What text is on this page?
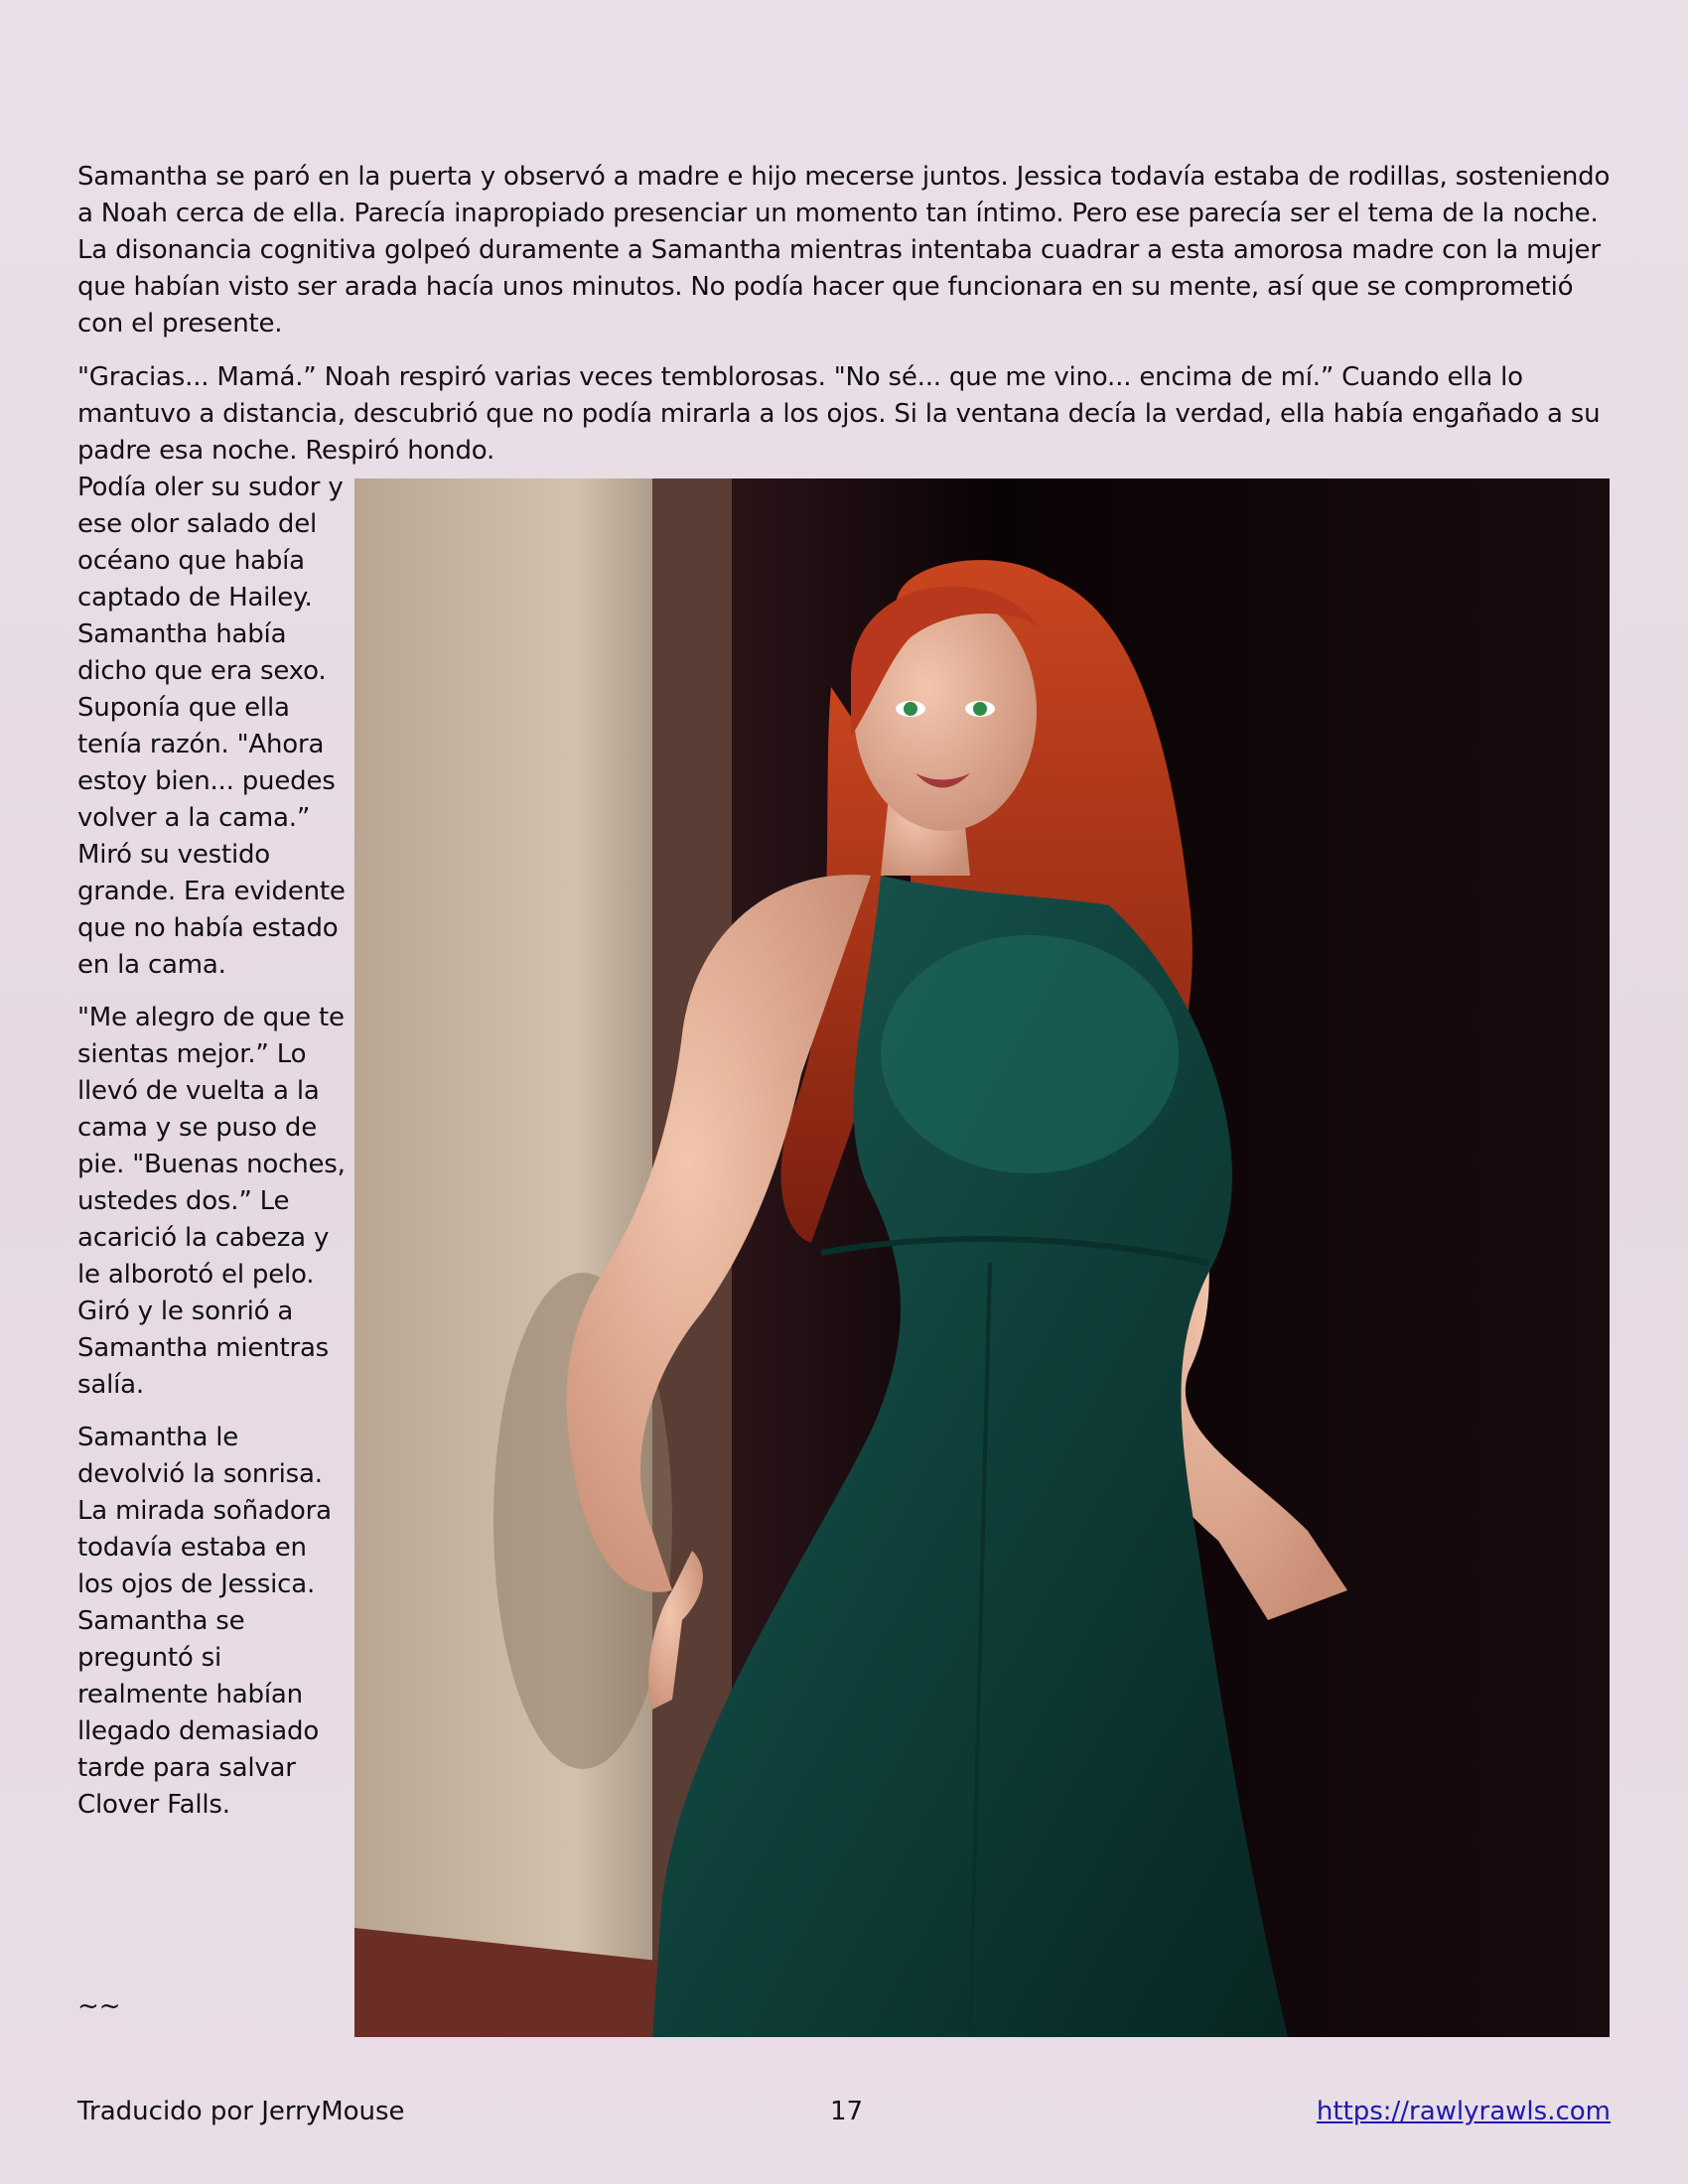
Samantha se paró en la puerta y observó a madre e hijo mecerse juntos. Jessica todavía estaba de rodillas, sosteniendo a Noah cerca de ella. Parecía inapropiado presenciar un momento tan íntimo. Pero ese parecía ser el tema de la noche. La disonancia cognitiva golpeó duramente a Samantha mientras intentaba cuadrar a esta amorosa madre con la mujer que habían visto ser arada hacía unos minutos. No podía hacer que funcionara en su mente, así que se comprometió con el presente.

"Gracias... Mamá.” Noah respiró varias veces temblorosas. "No sé... que me vino... encima de mí.” Cuando ella lo mantuvo a distancia, descubrió que no podía mirarla a los ojos. Si la ventana decía la verdad, ella había engañado a su padre esa noche. Respiró hondo.

Podía oler su sudor y ese olor salado del océano que había captado de Hailey. Samantha había dicho que era sexo. Suponía que ella tenía razón. "Ahora estoy bien... puedes volver a la cama.” Miró su vestido grande. Era evidente que no había estado en la cama.

"Me alegro de que te sientas mejor.” Lo llevó de vuelta a la cama y se puso de pie. "Buenas noches, ustedes dos.” Le acarició la cabeza y le alborotó el pelo. Giró y le sonrió a Samantha mientras salía.

Samantha le devolvió la sonrisa. La mirada soñadora todavía estaba en los ojos de Jessica. Samantha se preguntó si realmente habían llegado demasiado tarde para salvar Clover Falls.

~~
Traducido por JerryMouse	17	https://rawlyrawls.com
